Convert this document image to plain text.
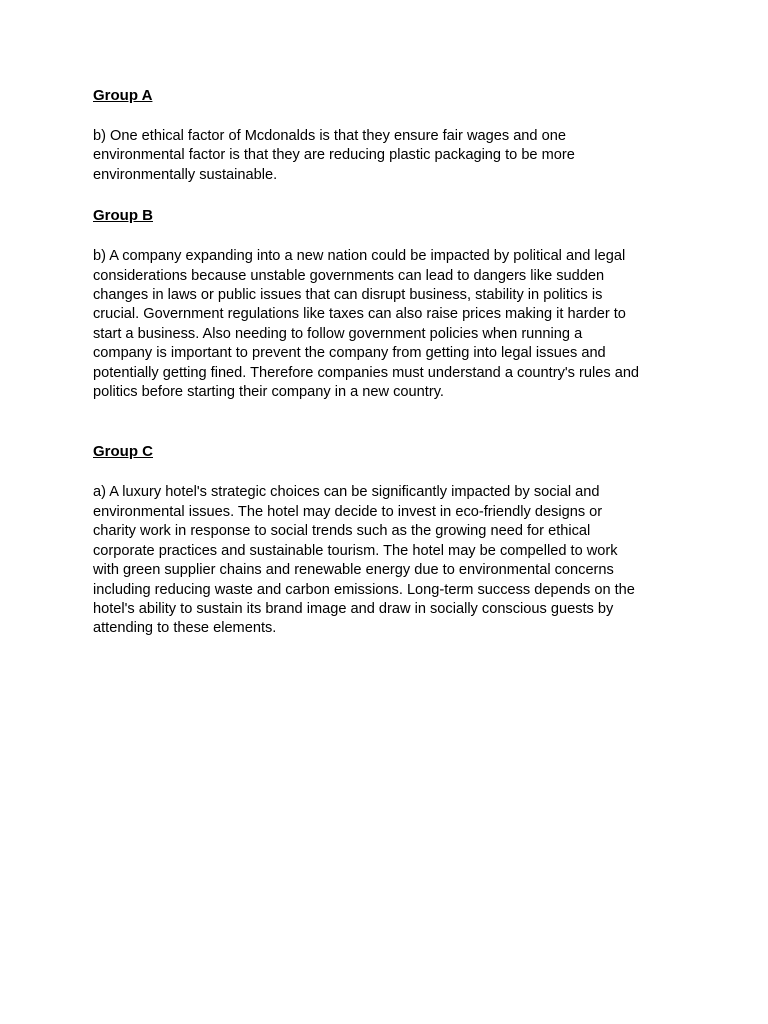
Group A

b) One ethical factor of Mcdonalds is that they ensure fair wages and one
environmental factor is that they are reducing plastic packaging to be more
environmentally sustainable.

Group B

b) A company expanding into a new nation could be impacted by political and legal
considerations because unstable governments can lead to dangers like sudden
changes in laws or public issues that can disrupt business, stability in politics is
crucial. Government regulations like taxes can also raise prices making it harder to
start a business. Also needing to follow government policies when running a
company is important to prevent the company from getting into legal issues and
potentially getting fined. Therefore companies must understand a country's rules and
politics before starting their company in a new country.

Group C

a) A luxury hotel's strategic choices can be significantly impacted by social and
environmental issues. The hotel may decide to invest in eco-friendly designs or
charity work in response to social trends such as the growing need for ethical
corporate practices and sustainable tourism. The hotel may be compelled to work
with green supplier chains and renewable energy due to environmental concerns
including reducing waste and carbon emissions. Long-term success depends on the
hotel's ability to sustain its brand image and draw in socially conscious guests by
attending to these elements.
